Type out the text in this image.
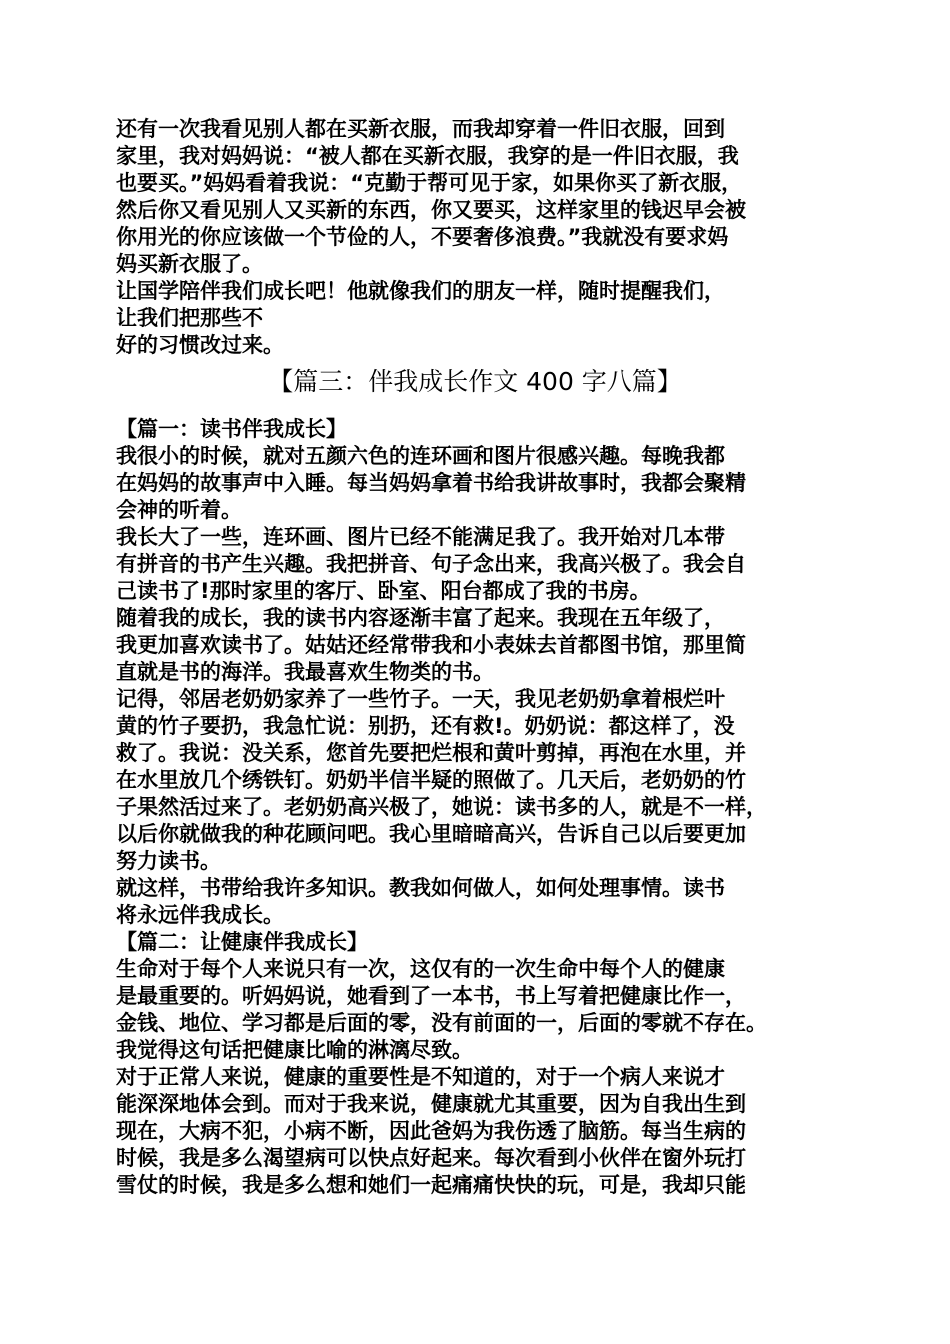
还有一次我看见别人都在买新衣服，而我却穿着一件旧衣服，回到
家里，我对妈妈说：“被人都在买新衣服，我穿的是一件旧衣服，我
也要买。”妈妈看着我说：“克勤于帮可见于家，如果你买了新衣服，
然后你又看见别人又买新的东西，你又要买，这样家里的钱迟早会被
你用光的你应该做一个节俭的人，不要奢侈浪费。”我就没有要求妈
妈买新衣服了。
让国学陪伴我们成长吧！他就像我们的朋友一样，随时提醒我们，
让我们把那些不
好的习惯改过来。
【篇三：伴我成长作文 400 字八篇】
【篇一：读书伴我成长】
我很小的时候，就对五颜六色的连环画和图片很感兴趣。每晚我都
在妈妈的故事声中入睡。每当妈妈拿着书给我讲故事时，我都会聚精
会神的听着。
我长大了一些，连环画、图片已经不能满足我了。我开始对几本带
有拼音的书产生兴趣。我把拼音、句子念出来，我高兴极了。我会自
己读书了!那时家里的客厅、卧室、阳台都成了我的书房。
随着我的成长，我的读书内容逐渐丰富了起来。我现在五年级了，
我更加喜欢读书了。姑姑还经常带我和小表妹去首都图书馆，那里简
直就是书的海洋。我最喜欢生物类的书。
记得，邻居老奶奶家养了一些竹子。一天，我见老奶奶拿着根烂叶
黄的竹子要扔，我急忙说：别扔，还有救!。奶奶说：都这样了，没
救了。我说：没关系，您首先要把烂根和黄叶剪掉，再泡在水里，并
在水里放几个绣铁钉。奶奶半信半疑的照做了。几天后，老奶奶的竹
子果然活过来了。老奶奶高兴极了，她说：读书多的人，就是不一样，
以后你就做我的种花顾问吧。我心里暗暗高兴，告诉自己以后要更加
努力读书。
就这样，书带给我许多知识。教我如何做人，如何处理事情。读书
将永远伴我成长。
【篇二：让健康伴我成长】
生命对于每个人来说只有一次，这仅有的一次生命中每个人的健康
是最重要的。听妈妈说，她看到了一本书，书上写着把健康比作一，
金钱、地位、学习都是后面的零，没有前面的一，后面的零就不存在。
我觉得这句话把健康比喻的淋漓尽致。
对于正常人来说，健康的重要性是不知道的，对于一个病人来说才
能深深地体会到。而对于我来说，健康就尤其重要，因为自我出生到
现在，大病不犯，小病不断，因此爸妈为我伤透了脑筋。每当生病的
时候，我是多么渴望病可以快点好起来。每次看到小伙伴在窗外玩打
雪仗的时候，我是多么想和她们一起痛痛快快的玩，可是，我却只能
